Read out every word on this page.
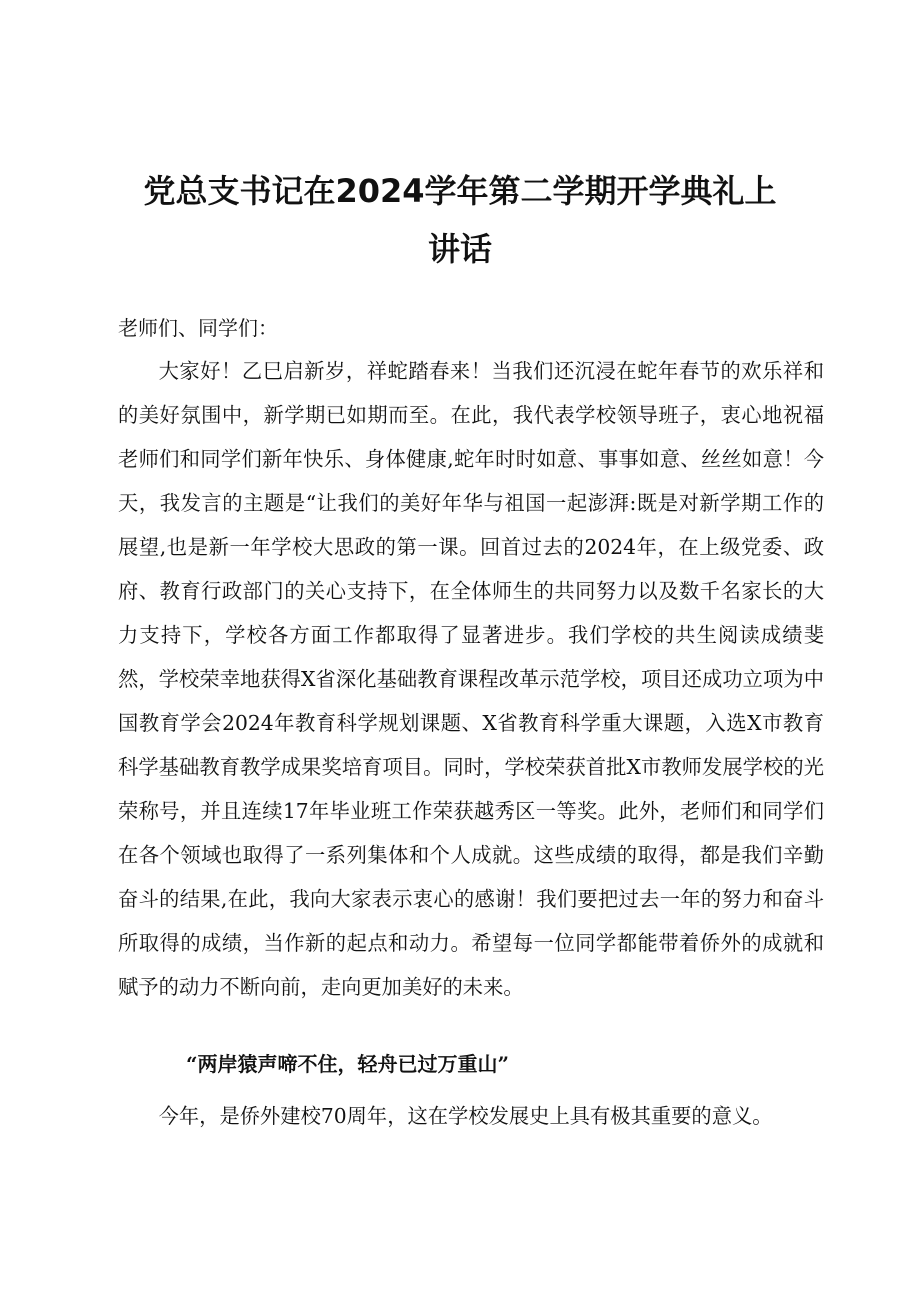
党总支书记在2024学年第二学期开学典礼上
讲话
老师们、同学们：

大家好！乙巳启新岁，祥蛇踏春来！当我们还沉浸在蛇年春节的欢乐祥和的美好氛围中，新学期已如期而至。在此，我代表学校领导班子，衷心地祝福老师们和同学们新年快乐、身体健康,蛇年时时如意、事事如意、丝丝如意！今天，我发言的主题是“让我们的美好年华与祖国一起澎湃:既是对新学期工作的展望,也是新一年学校大思政的第一课。回首过去的2024年，在上级党委、政府、教育行政部门的关心支持下，在全体师生的共同努力以及数千名家长的大力支持下，学校各方面工作都取得了显著进步。我们学校的共生阅读成绩斐然，学校荣幸地获得X省深化基础教育课程改革示范学校，项目还成功立项为中国教育学会2024年教育科学规划课题、X省教育科学重大课题，入选X市教育科学基础教育教学成果奖培育项目。同时，学校荣获首批X市教师发展学校的光荣称号，并且连续17年毕业班工作荣获越秀区一等奖。此外，老师们和同学们在各个领域也取得了一系列集体和个人成就。这些成绩的取得，都是我们辛勤奋斗的结果,在此，我向大家表示衷心的感谢！我们要把过去一年的努力和奋斗所取得的成绩，当作新的起点和动力。希望每一位同学都能带着侨外的成就和赋予的动力不断向前，走向更加美好的未来。

“两岸猿声啼不住，轻舟已过万重山”

今年，是侨外建校70周年，这在学校发展史上具有极其重要的意义。
